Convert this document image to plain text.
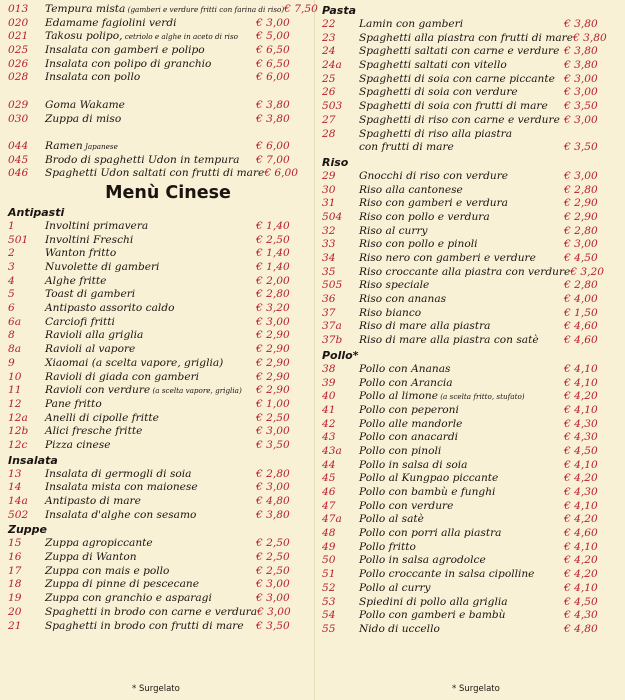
013	Tempura mista (gamberi e verdure fritti con farina di riso) € 7,50
020	Edamame fagiolini verdi	€ 3,00
021	Takosu polipo, cetriolo e alghe in aceto di riso	€ 5,00
025	Insalata con gamberi e polipo	€ 6,50
026	Insalata con polipo di granchio	€ 6,50
028	Insalata con pollo	€ 6,00
029	Goma Wakame	€ 3,80
030	Zuppa di miso	€ 3,80
044	Ramen Japanese	€ 6,00
045	Brodo di spaghetti Udon in tempura	€ 7,00
046	Spaghetti Udon saltati con frutti di mare € 6,00
Menù Cinese
Antipasti
1	Involtini primavera	€ 1,40
501	Involtini Freschi	€ 2,50
2	Wanton fritto	€ 1,40
3	Nuvolette di gamberi	€ 1,40
4	Alghe fritte	€ 2,00
5	Toast di gamberi	€ 2,80
6	Antipasto assorito caldo	€ 3,20
6a	Carciofi fritti	€ 3,00
8	Ravioli alla griglia	€ 2,90
8a	Ravioli al vapore	€ 2,90
9	Xiaomai (a scelta vapore, griglia)	€ 2,90
10	Ravioli di giada con gamberi	€ 2,90
11	Ravioli con verdure (a scelta vapore, griglia)	€ 2,90
12	Pane fritto	€ 1,00
12a	Anelli di cipolle fritte	€ 2,50
12b	Alici fresche fritte	€ 3,00
12c	Pizza cinese	€ 3,50
Insalata
13	Insalata di germogli di soia	€ 2,80
14	Insalata mista con maionese	€ 3,00
14a	Antipasto di mare	€ 4,80
502	Insalata d'alghe con sesamo	€ 3,80
Zuppe
15	Zuppa agropiccante	€ 2,50
16	Zuppa di Wanton	€ 2,50
17	Zuppa con mais e pollo	€ 2,50
18	Zuppa di pinne di pescecane	€ 3,00
19	Zuppa con granchio e asparagi	€ 3,00
20	Spaghetti in brodo con carne e verdura € 3,00
21	Spaghetti in brodo con frutti di mare	€ 3,50
Pasta
22	Lamin con gamberi	€ 3,80
23	Spaghetti alla piastra con frutti di mare € 3,80
24	Spaghetti saltati con carne e verdure € 3,80
24a	Spaghetti saltati con vitello	€ 3,80
25	Spaghetti di soia con carne piccante € 3,00
26	Spaghetti di soia con verdure	€ 3,00
503	Spaghetti di soia con frutti di mare	€ 3,50
27	Spaghetti di riso con carne e verdure € 3,00
28	Spaghetti di riso alla piastra
con frutti di mare	€ 3,50
Riso
29	Gnocchi di riso con verdure	€ 3,00
30	Riso alla cantonese	€ 2,80
31	Riso con gamberi e verdura	€ 2,90
504	Riso con pollo e verdura	€ 2,90
32	Riso al curry	€ 2,80
33	Riso con pollo e pinoli	€ 3,00
34	Riso nero con gamberi e verdure	€ 4,50
35	Riso croccante alla piastra con verdure € 3,20
505	Riso speciale	€ 2,80
36	Riso con ananas	€ 4,00
37	Riso bianco	€ 1,50
37a	Riso di mare alla piastra	€ 4,60
37b	Riso di mare alla piastra con satè	€ 4,60
Pollo*
38	Pollo con Ananas	€ 4,10
39	Pollo con Arancia	€ 4,10
40	Pollo al limone (a scelta fritto, stufato)	€ 4,20
41	Pollo con peperoni	€ 4,10
42	Pollo alle mandorle	€ 4,30
43	Pollo con anacardi	€ 4,30
43a	Pollo con pinoli	€ 4,50
44	Pollo in salsa di soia	€ 4,10
45	Pollo al Kungpao piccante	€ 4,20
46	Pollo con bambù e funghi	€ 4,30
47	Pollo con verdure	€ 4,10
47a	Pollo al satè	€ 4,20
48	Pollo con porri alla piastra	€ 4,60
49	Pollo fritto	€ 4,10
50	Pollo in salsa agrodolce	€ 4,20
51	Pollo croccante in salsa cipolline	€ 4,20
52	Pollo al curry	€ 4,10
53	Spiedini di pollo alla griglia	€ 4,50
54	Pollo con gamberi e bambù	€ 4,30
55	Nido di uccello	€ 4,80
* Surgelato	* Surgelato
